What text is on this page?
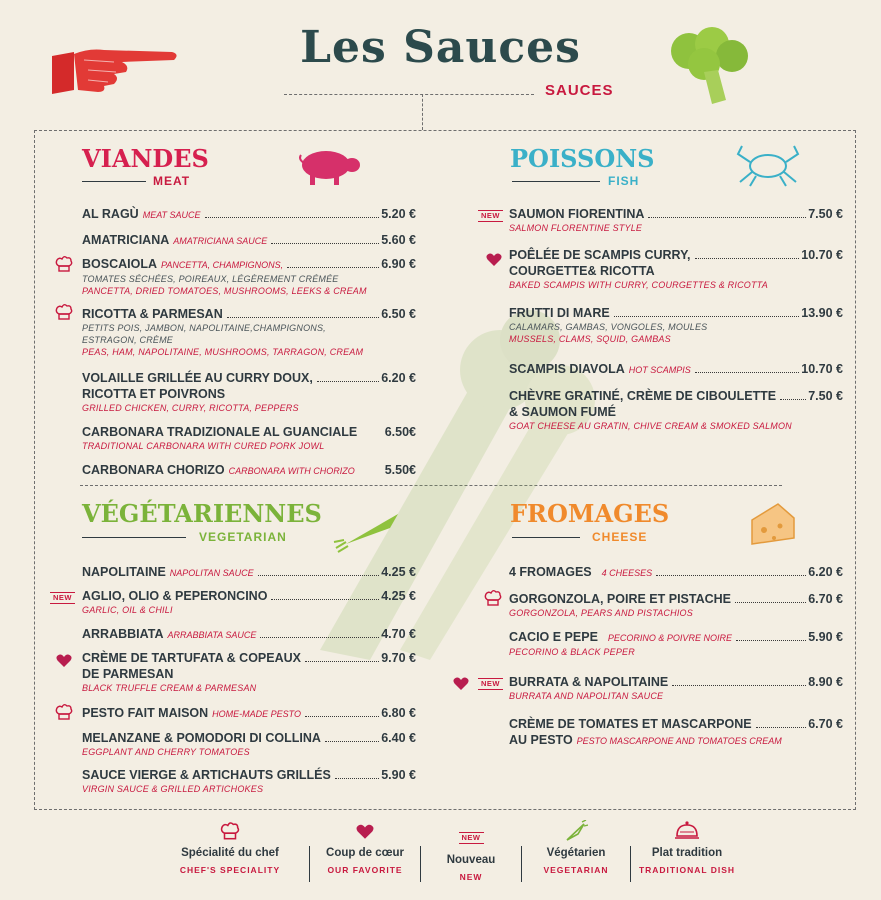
Les Sauces
SAUCES
VIANDES
MEAT
AL RAGÙ MEAT SAUCE	5.20 €
AMATRICIANA AMATRICIANA SAUCE	5.60 €
BOSCAIOLA PANCETTA, CHAMPIGNONS,	6.90 €
TOMATES SÉCHÉES, POIREAUX, LÉGÈREMENT CRÉMÉE
PANCETTA, DRIED TOMATOES, MUSHROOMS, LEEKS & CREAM
RICOTTA & PARMESAN	6.50 €
PETITS POIS, JAMBON, NAPOLITAINE,CHAMPIGNONS,
ESTRAGON, CRÈME
PEAS, HAM, NAPOLITAINE, MUSHROOMS, TARRAGON, CREAM
VOLAILLE GRILLÉE AU CURRY DOUX,	6.20 €
RICOTTA ET POIVRONS
GRILLED CHICKEN, CURRY, RICOTTA, PEPPERS
CARBONARA TRADIZIONALE AL GUANCIALE 6.50€
TRADITIONAL CARBONARA WITH CURED PORK JOWL
CARBONARA CHORIZO CARBONARA WITH CHORIZO 5.50€
POISSONS
FISH
NEW SAUMON FIORENTINA	7.50 €
SALMON FLORENTINE STYLE
POÊLÉE DE SCAMPIS CURRY,	10.70 €
COURGETTE& RICOTTA
BAKED SCAMPIS WITH CURRY, COURGETTES & RICOTTA
FRUTTI DI MARE	13.90 €
CALAMARS, GAMBAS, VONGOLES, MOULES
MUSSELS, CLAMS, SQUID, GAMBAS
SCAMPIS DIAVOLA HOT SCAMPIS	10.70 €
CHÈVRE GRATINÉ, CRÈME DE CIBOULETTE	7.50 €
& SAUMON FUMÉ
GOAT CHEESE AU GRATIN, CHIVE CREAM & SMOKED SALMON
VÉGÉTARIENNES
VEGETARIAN
NAPOLITAINE NAPOLITAN SAUCE	4.25 €
NEW AGLIO, OLIO & PEPERONCINO	4.25 €
GARLIC, OIL & CHILI
ARRABBIATA ARRABBIATA SAUCE	4.70 €
CRÈME DE TARTUFATA & COPEAUX	9.70 €
DE PARMESAN
BLACK TRUFFLE CREAM & PARMESAN
PESTO FAIT MAISON HOME-MADE PESTO	6.80 €
MELANZANE & POMODORI DI COLLINA	6.40 €
EGGPLANT AND CHERRY TOMATOES
SAUCE VIERGE & ARTICHAUTS GRILLÉS	5.90 €
VIRGIN SAUCE & GRILLED ARTICHOKES
FROMAGES
CHEESE
4 FROMAGES 4 CHEESES	6.20 €
GORGONZOLA, POIRE ET PISTACHE	6.70 €
GORGONZOLA, PEARS AND PISTACHIOS
CACIO E PEPE PECORINO & POIVRE NOIRE	5.90 €
PECORINO & BLACK PEPER
NEW BURRATA & NAPOLITAINE	8.90 €
BURRATA AND NAPOLITAN SAUCE
CRÈME DE TOMATES ET MASCARPONE	6.70 €
AU PESTO PESTO MASCARPONE AND TOMATOES CREAM
Spécialité du chef
CHEF'S SPECIALITY
Coup de cœur
OUR FAVORITE
NEW
Nouveau
NEW
Végétarien
VEGETARIAN
Plat tradition
TRADITIONAL DISH
